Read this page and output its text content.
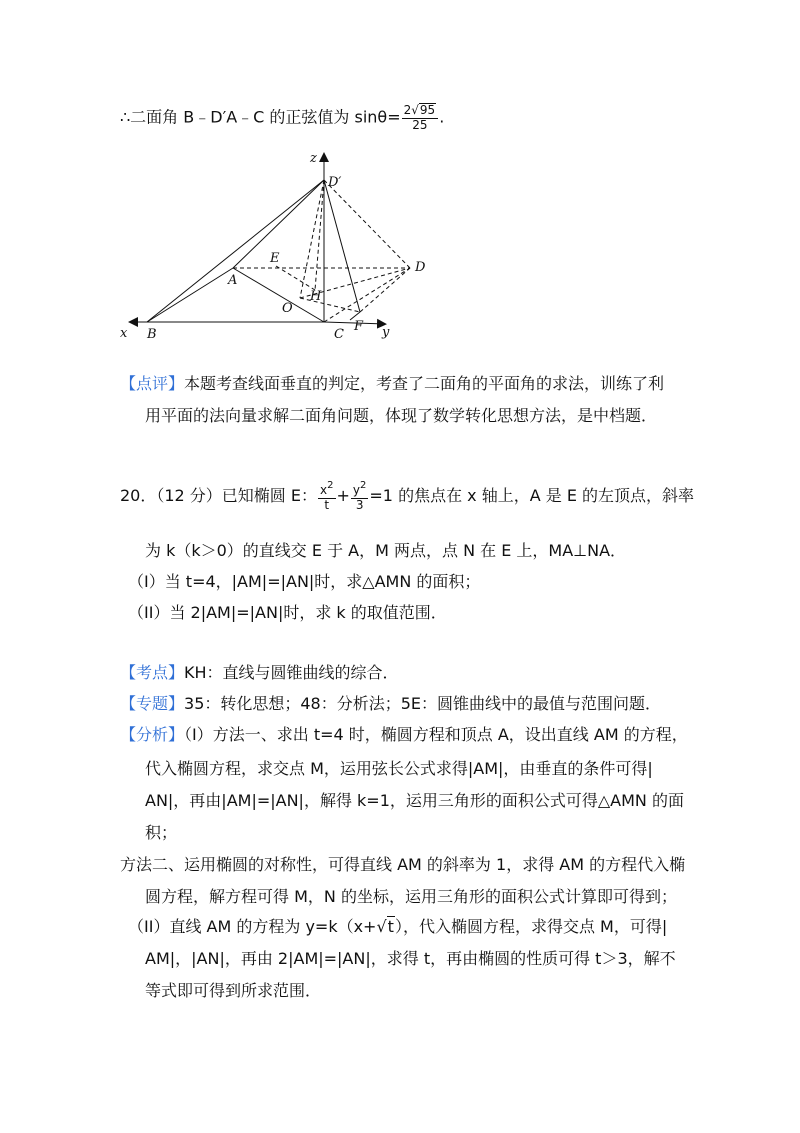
∴二面角 B﹣D′A﹣C 的正弦值为 $\sin\theta= \frac{2√95}{25}$ .
z
D′
D
E
A
H
O
x B	C
F y
【点评】本题考查线面垂直的判定，考查了二面角的平面角的求法，训练了利
用平面的法向量求解二面角问题，体现了数学转化思想方法，是中档题．
20．（12 分）已知椭圆 E： $\frac{x^2}{t} + \frac{y^2}{3} =1$ 的焦点在 x 轴上，A 是 E 的左顶点，斜率
为 k（k＞0）的直线交 E 于 A，M 两点，点 N 在 E 上，MA⊥NA．
（I）当 t=4，|AM|=|AN|时，求△AMN 的面积；
（II）当 2|AM|=|AN|时，求 k 的取值范围．
【考点】KH：直线与圆锥曲线的综合．
【专题】35：转化思想；48：分析法；5E：圆锥曲线中的最值与范围问题．
【分析】（I）方法一、求出 t=4 时，椭圆方程和顶点 A，设出直线 AM 的方程，
代入椭圆方程，求交点 M，运用弦长公式求得|AM|，由垂直的条件可得|
AN|，再由|AM|=|AN|，解得 k=1，运用三角形的面积公式可得△AMN 的面
积；
方法二、运用椭圆的对称性，可得直线 AM 的斜率为 1，求得 AM 的方程代入椭
圆方程，解方程可得 M，N 的坐标，运用三角形的面积公式计算即可得到；
（II）直线 AM 的方程为 y=k（x+√t），代入椭圆方程，求得交点 M，可得|
AM|，|AN|，再由 2|AM|=|AN|，求得 t，再由椭圆的性质可得 t＞3，解不
等式即可得到所求范围．
